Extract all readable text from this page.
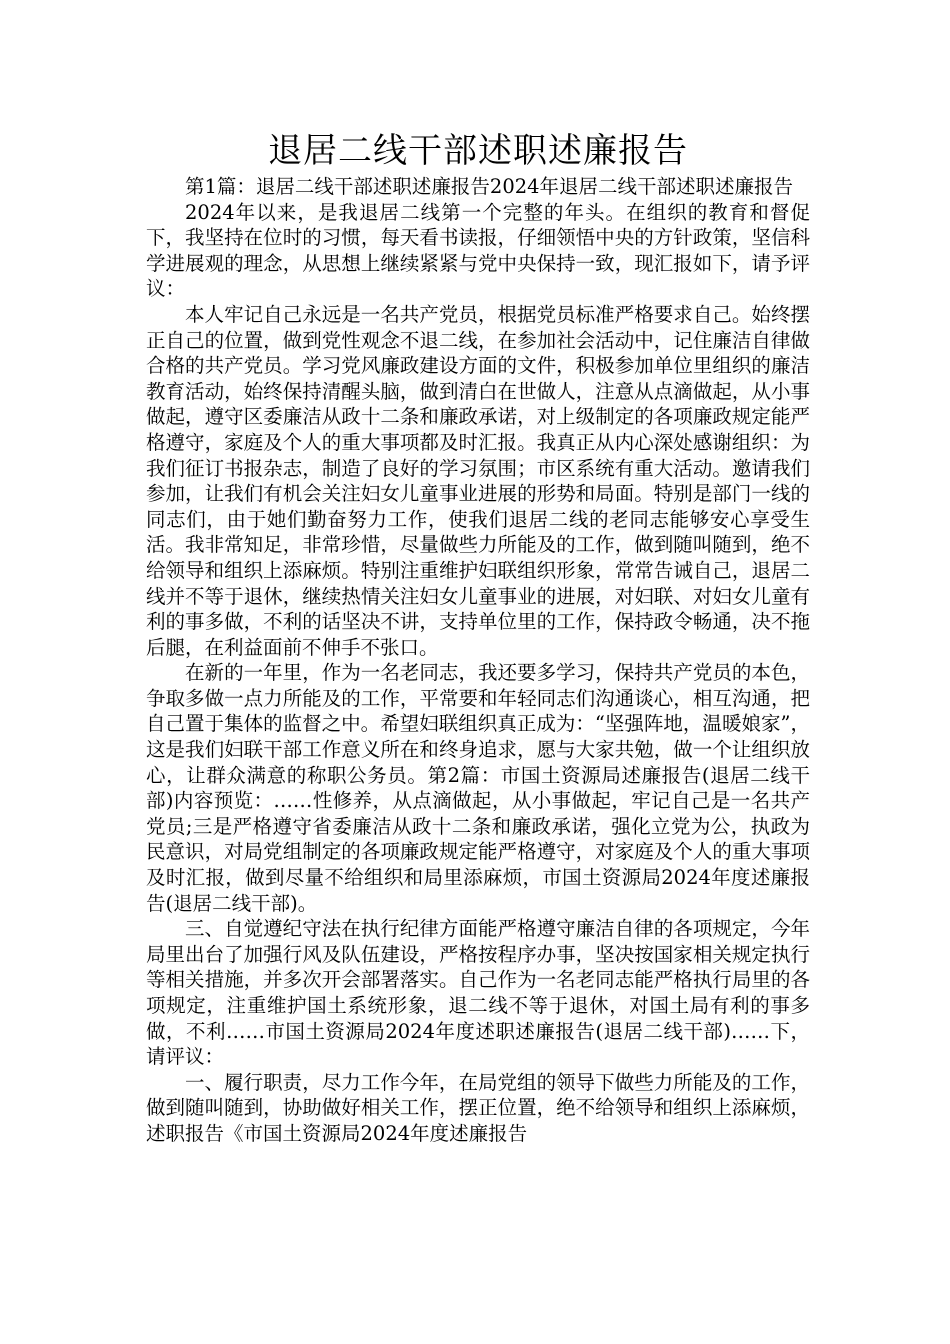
退居二线干部述职述廉报告

第1篇：退居二线干部述职述廉报告2024年退居二线干部述职述廉报告

2024年以来，是我退居二线第一个完整的年头。在组织的教育和督促下，我坚持在位时的习惯，每天看书读报，仔细领悟中央的方针政策，坚信科学进展观的理念，从思想上继续紧紧与党中央保持一致，现汇报如下，请予评议：

本人牢记自己永远是一名共产党员，根据党员标准严格要求自己。始终摆正自己的位置，做到党性观念不退二线，在参加社会活动中，记住廉洁自律做合格的共产党员。学习党风廉政建设方面的文件，积极参加单位里组织的廉洁教育活动，始终保持清醒头脑，做到清白在世做人，注意从点滴做起，从小事做起，遵守区委廉洁从政十二条和廉政承诺，对上级制定的各项廉政规定能严格遵守，家庭及个人的重大事项都及时汇报。我真正从内心深处感谢组织：为我们征订书报杂志，制造了良好的学习氛围；市区系统有重大活动。邀请我们参加，让我们有机会关注妇女儿童事业进展的形势和局面。特别是部门一线的同志们，由于她们勤奋努力工作，使我们退居二线的老同志能够安心享受生活。我非常知足，非常珍惜，尽量做些力所能及的工作，做到随叫随到，绝不给领导和组织上添麻烦。特别注重维护妇联组织形象，常常告诫自己，退居二线并不等于退休，继续热情关注妇女儿童事业的进展，对妇联、对妇女儿童有利的事多做，不利的话坚决不讲，支持单位里的工作，保持政令畅通，决不拖后腿，在利益面前不伸手不张口。

在新的一年里，作为一名老同志，我还要多学习，保持共产党员的本色，争取多做一点力所能及的工作，平常要和年轻同志们沟通谈心，相互沟通，把自己置于集体的监督之中。希望妇联组织真正成为：“坚强阵地，温暖娘家”，这是我们妇联干部工作意义所在和终身追求，愿与大家共勉，做一个让组织放心，让群众满意的称职公务员。第2篇：市国土资源局述廉报告(退居二线干部)内容预览：……性修养，从点滴做起，从小事做起，牢记自己是一名共产党员;三是严格遵守省委廉洁从政十二条和廉政承诺，强化立党为公，执政为民意识，对局党组制定的各项廉政规定能严格遵守，对家庭及个人的重大事项及时汇报，做到尽量不给组织和局里添麻烦，市国土资源局2024年度述廉报告(退居二线干部)。

三、自觉遵纪守法在执行纪律方面能严格遵守廉洁自律的各项规定，今年局里出台了加强行风及队伍建设，严格按程序办事，坚决按国家相关规定执行等相关措施，并多次开会部署落实。自己作为一名老同志能严格执行局里的各项规定，注重维护国土系统形象，退二线不等于退休，对国土局有利的事多做，不利……市国土资源局2024年度述职述廉报告(退居二线干部)……下，请评议：

一、履行职责，尽力工作今年，在局党组的领导下做些力所能及的工作，做到随叫随到，协助做好相关工作，摆正位置，绝不给领导和组织上添麻烦，述职报告《市国土资源局2024年度述廉报告
